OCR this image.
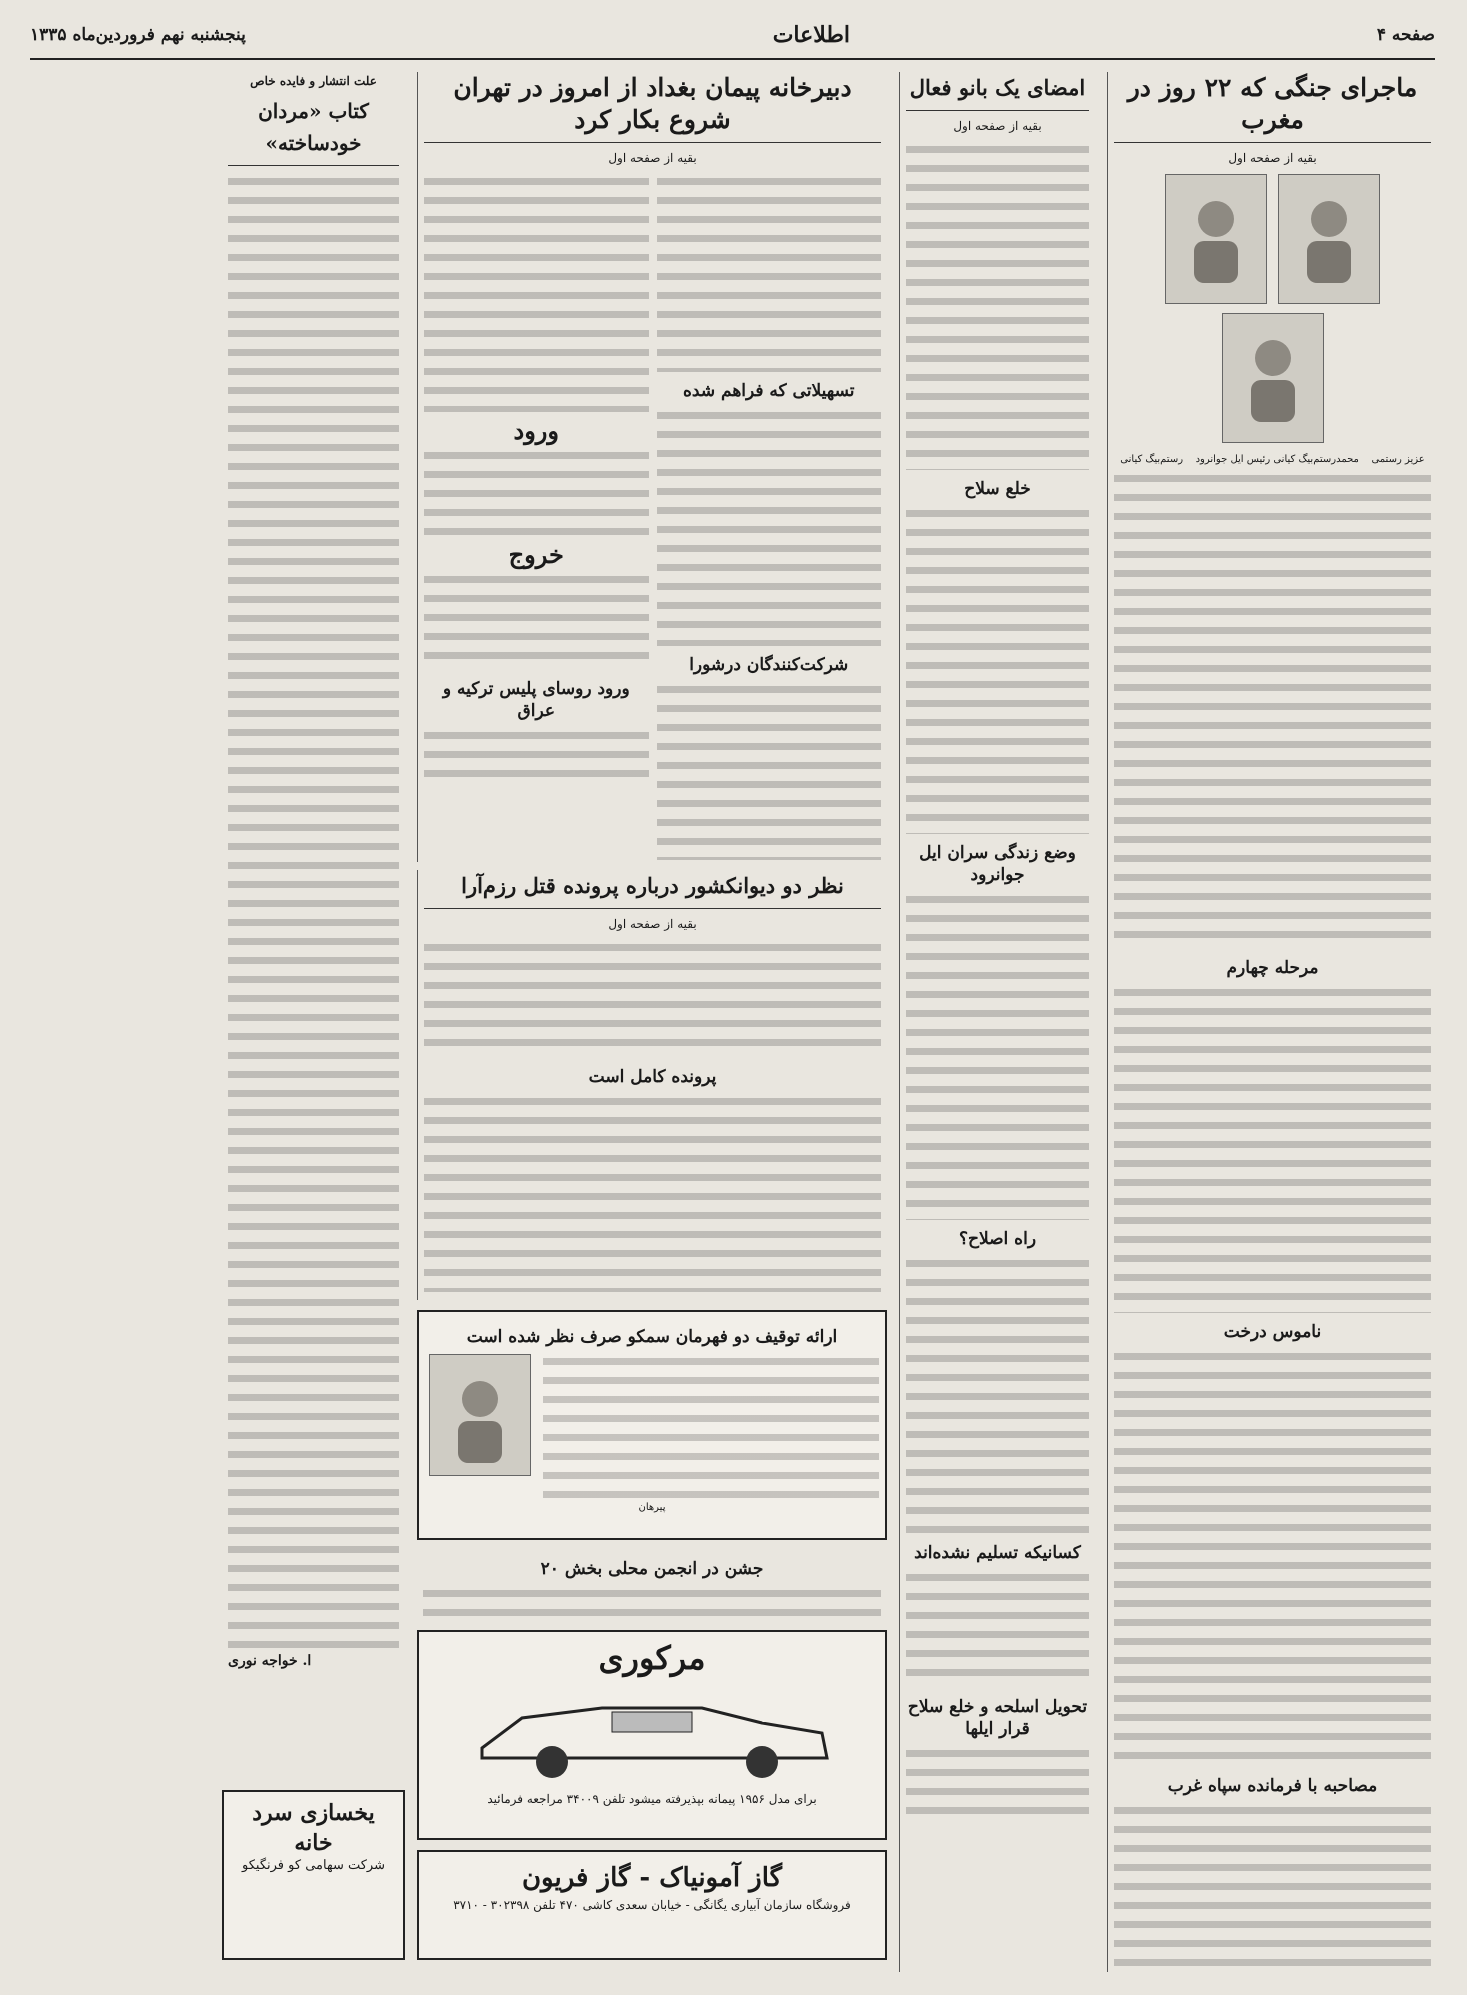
صفحه ۴
اطلاعات
پنجشنبه نهم فروردین‌ماه ۱۳۳۵
ماجرای جنگی که ۲۲ روز در مغرب
بقیه از صفحه اول

عزیز رستمی
محمدرستم‌بیگ کیانی رئیس ایل جوانرود
رستم‌بیگ کیانی
مرحله چهارم
ناموس درخت
مصاحبه با فرمانده سپاه غرب
امضای یک بانو فعال
بقیه از صفحه اول
خلع سلاح
وضع زندگی سران ایل جوانرود
راه اصلاح؟
کسانیکه تسلیم نشده‌اند
تحویل اسلحه و خلع سلاح قرار ایلها
دبیرخانه پیمان بغداد از امروز در تهران شروع بکار کرد
بقیه از صفحه اول
تسهیلاتی که فراهم شده
شرکت‌کنندگان درشورا
ورود
خروج
ورود روسای پلیس ترکیه و عراق
نظر دو دیوانکشور درباره پرونده قتل رزم‌آرا
بقیه از صفحه اول
پرونده کامل است
ارائه توقیف دو فهرمان سمکو صرف نظر شده است
پیرهان
جشن در انجمن محلی بخش ۲۰
مرکوری
برای مدل ۱۹۵۶ پیمانه بپذیرفته میشود تلفن ۳۴۰۰۹ مراجعه فرمائید
گاز آمونیاک - گاز فریون
فروشگاه سازمان آبیاری یگانگی - خیابان سعدی کاشی ۴۷۰ تلفن ۳۰۲۳۹۸ - ۳۷۱۰
علت انتشار و فایده خاص
کتاب «مردان خودساخته»
ا. خواجه نوری
یخسازی سرد خانه
شرکت سهامی کو فرنگیکو
